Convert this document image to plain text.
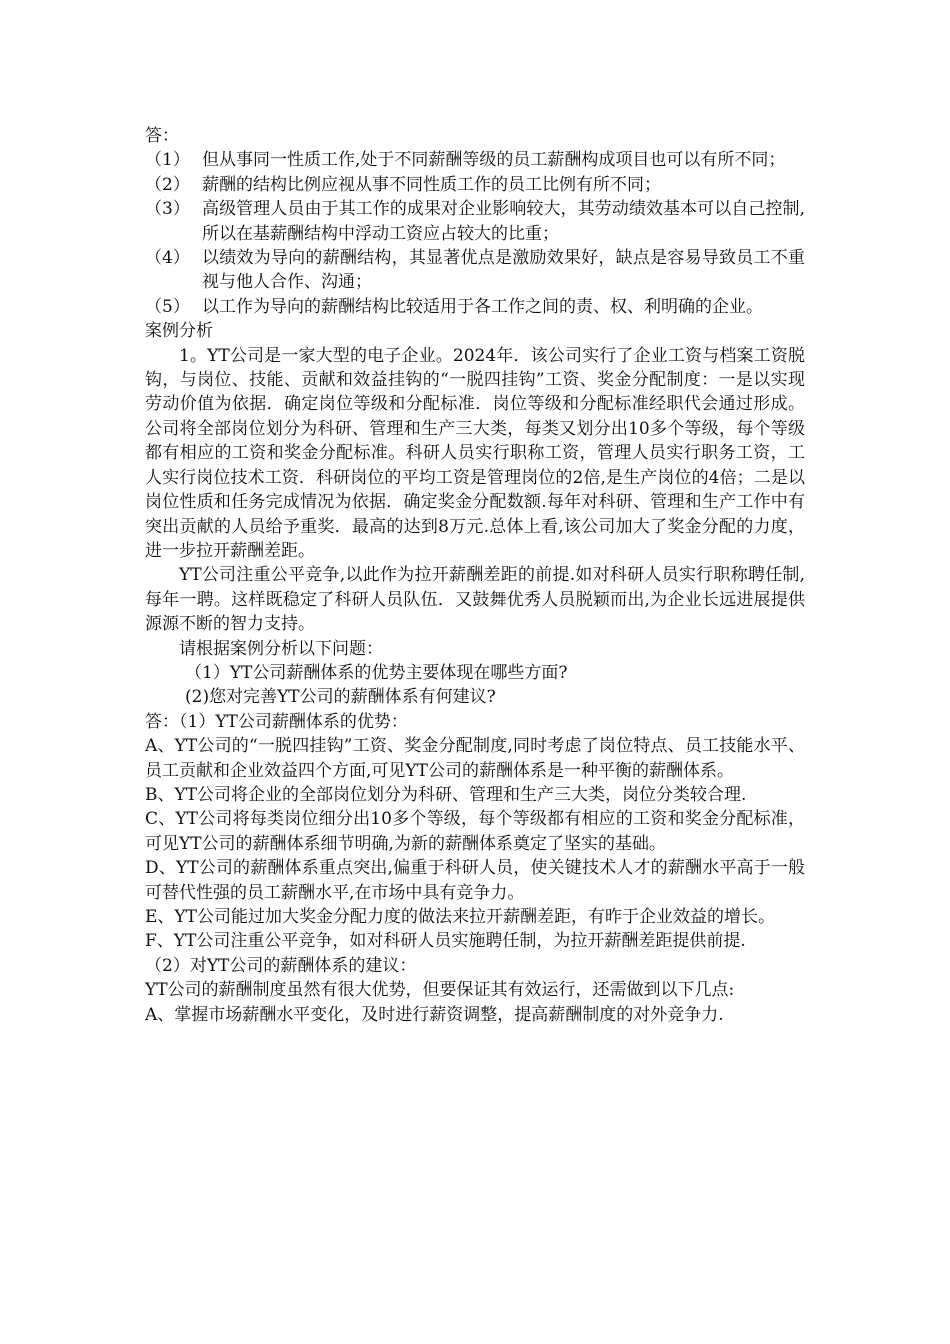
答：

（1） 但从事同一性质工作,处于不同薪酬等级的员工薪酬构成项目也可以有所不同；
（2） 薪酬的结构比例应视从事不同性质工作的员工比例有所不同；
（3） 高级管理人员由于其工作的成果对企业影响较大，其劳动绩效基本可以自己控制,所以在基薪酬结构中浮动工资应占较大的比重；
（4） 以绩效为导向的薪酬结构，其显著优点是激励效果好，缺点是容易导致员工不重视与他人合作、沟通；
（5） 以工作为导向的薪酬结构比较适用于各工作之间的责、权、利明确的企业。

案例分析

1。YT公司是一家大型的电子企业。2024年．该公司实行了企业工资与档案工资脱钩，与岗位、技能、贡献和效益挂钩的“一脱四挂钩”工资、奖金分配制度：一是以实现劳动价值为依据．确定岗位等级和分配标准．岗位等级和分配标准经职代会通过形成。公司将全部岗位划分为科研、管理和生产三大类，每类又划分出10多个等级，每个等级都有相应的工资和奖金分配标准。科研人员实行职称工资，管理人员实行职务工资，工人实行岗位技术工资．科研岗位的平均工资是管理岗位的2倍,是生产岗位的4倍；二是以岗位性质和任务完成情况为依据．确定奖金分配数额.每年对科研、管理和生产工作中有突出贡献的人员给予重奖．最高的达到8万元.总体上看,该公司加大了奖金分配的力度，进一步拉开薪酬差距。

YT公司注重公平竞争,以此作为拉开薪酬差距的前提.如对科研人员实行职称聘任制,每年一聘。这样既稳定了科研人员队伍．又鼓舞优秀人员脱颖而出,为企业长远进展提供源源不断的智力支持。

请根据案例分析以下问题：

（1）YT公司薪酬体系的优势主要体现在哪些方面?

(2)您对完善YT公司的薪酬体系有何建议?

答：（1）YT公司薪酬体系的优势：

A、YT公司的“一脱四挂钩”工资、奖金分配制度,同时考虑了岗位特点、员工技能水平、员工贡献和企业效益四个方面,可见YT公司的薪酬体系是一种平衡的薪酬体系。

B、YT公司将企业的全部岗位划分为科研、管理和生产三大类，岗位分类较合理.

C、YT公司将每类岗位细分出10多个等级，每个等级都有相应的工资和奖金分配标准，可见YT公司的薪酬体系细节明确,为新的薪酬体系奠定了坚实的基础。

D、YT公司的薪酬体系重点突出,偏重于科研人员，使关键技术人才的薪酬水平高于一般可替代性强的员工薪酬水平,在市场中具有竞争力。

E、YT公司能过加大奖金分配力度的做法来拉开薪酬差距，有昨于企业效益的增长。

F、YT公司注重公平竞争，如对科研人员实施聘任制，为拉开薪酬差距提供前提.

（2）对YT公司的薪酬体系的建议：

YT公司的薪酬制度虽然有很大优势，但要保证其有效运行，还需做到以下几点:

A、掌握市场薪酬水平变化，及时进行薪资调整，提高薪酬制度的对外竞争力.
